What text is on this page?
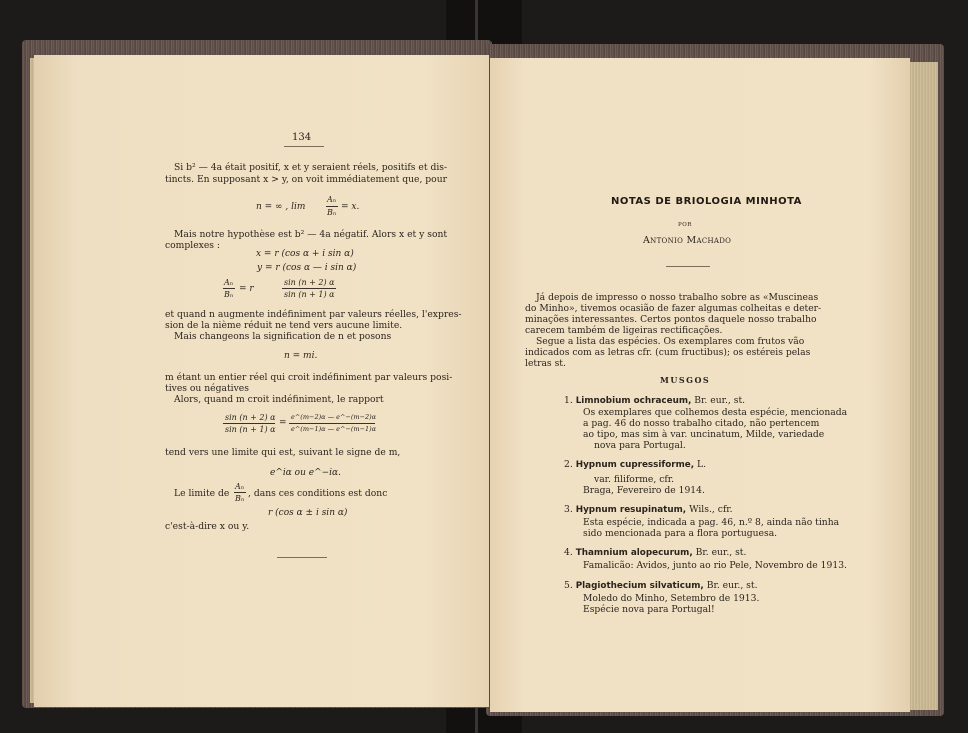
134
Si b² — 4a était positif, x et y seraient réels, positifs et dis-
tincts. En supposant x > y, on voit immédiatement que, pour
n = ∞ , lim
Aₙ
Bₙ
= x.
Mais notre hypothèse est b² — 4a négatif. Alors x et y sont
complexes :
x = r (cos α + i sin α)
y = r (cos α — i sin α)
Aₙ
Bₙ
= r
sin (n + 2) α
sin (n + 1) α
et quand n augmente indéfiniment par valeurs réelles, l'expres-
sion de la nième réduit ne tend vers aucune limite.
Mais changeons la signification de n et posons
n = mi.
m étant un entier réel qui croit indéfiniment par valeurs posi-
tives ou négatives
Alors, quand m croit indéfiniment, le rapport
sin (n + 2) α
sin (n + 1) α
=
e^(m−2)α — e^−(m−2)α
e^(m−1)α — e^−(m−1)α
tend vers une limite qui est, suivant le signe de m,
e^iα ou e^−iα.
Le limite de
Aₙ
Bₙ , dans ces conditions est donc
r (cos α ± i sin α)
c'est-à-dire x ou y.
NOTAS DE BRIOLOGIA MINHOTA
POR
Antonio Machado
Já depois de impresso o nosso trabalho sobre as «Muscineas
do Minho», tivemos ocasião de fazer algumas colheitas e deter-
minações interessantes. Certos pontos daquele nosso trabalho
carecem também de ligeiras rectificações.
Segue a lista das espécies. Os exemplares com frutos vão
indicados com as letras cfr. (cum fructibus); os estéreis pelas
letras st.
MUSGOS
1. Limnobium ochraceum, Br. eur., st.
Os exemplares que colhemos desta espécie, mencionada
a pag. 46 do nosso trabalho citado, não pertencem
ao tipo, mas sim à var. uncinatum, Milde, variedade
nova para Portugal.
2. Hypnum cupressiforme, L.
var. filiforme, cfr.
Braga, Fevereiro de 1914.
3. Hypnum resupinatum, Wils., cfr.
Esta espécie, indicada a pag. 46, n.º 8, ainda não tinha
sido mencionada para a flora portuguesa.
4. Thamnium alopecurum, Br. eur., st.
Famalicão: Avidos, junto ao rio Pele, Novembro de 1913.
5. Plagiothecium silvaticum, Br. eur., st.
Moledo do Minho, Setembro de 1913.
Espécie nova para Portugal!
